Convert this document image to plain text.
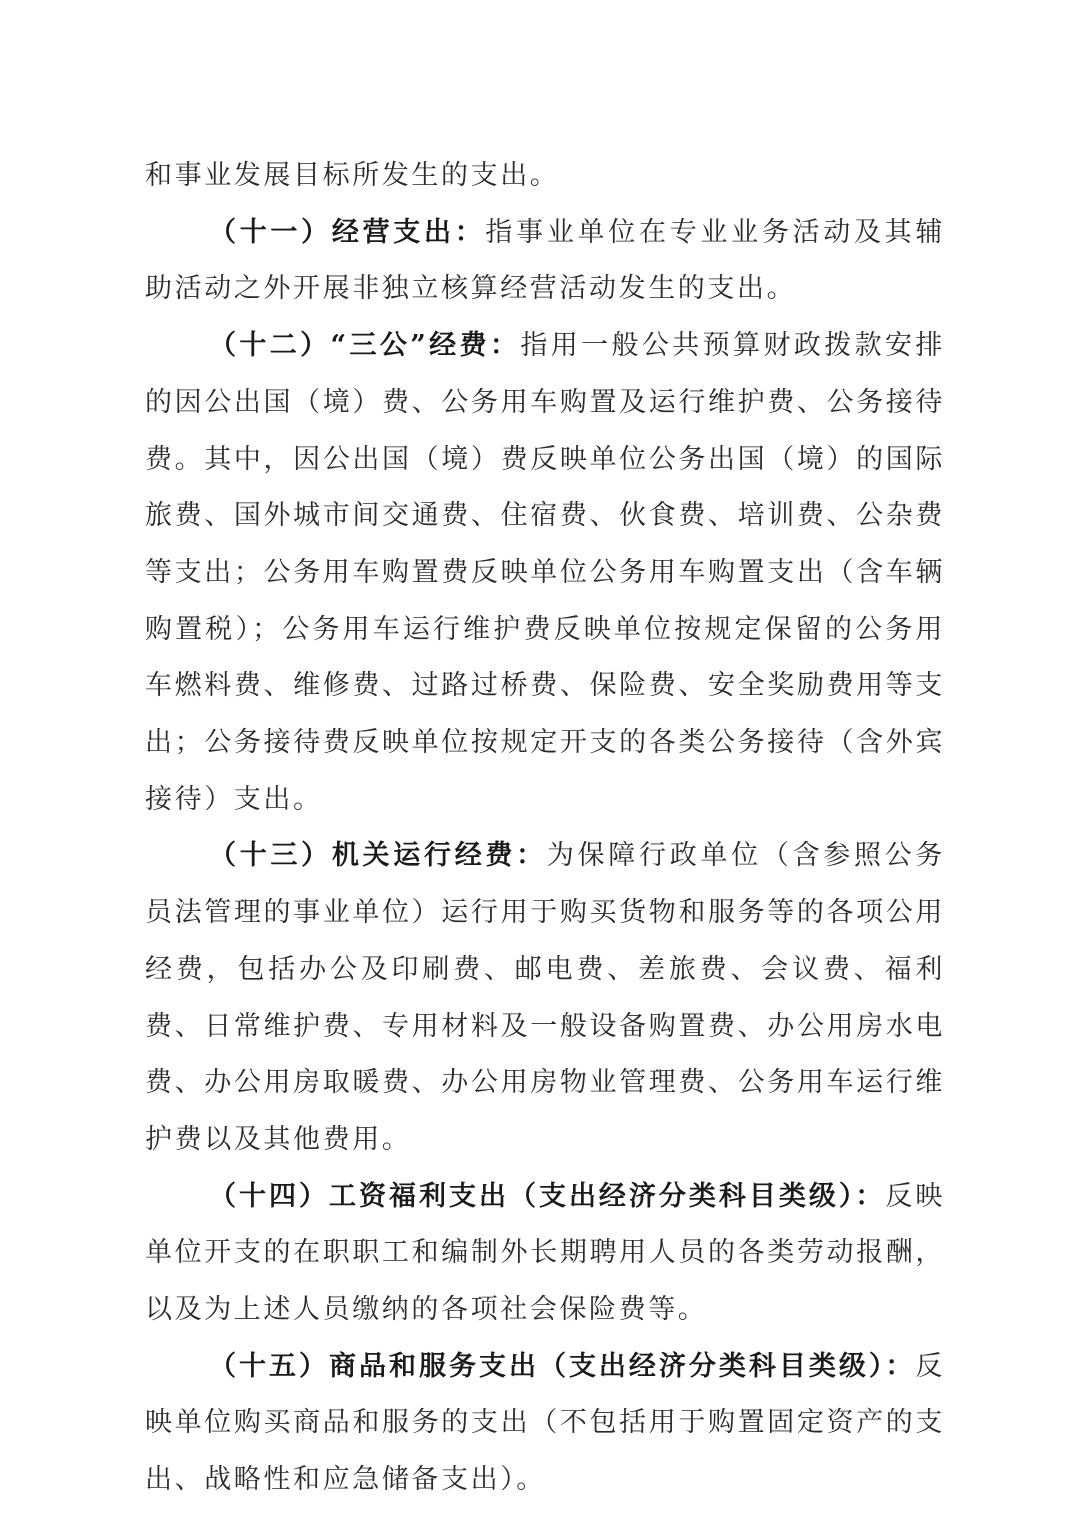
和事业发展目标所发生的支出。

（十一）经营支出：指事业单位在专业业务活动及其辅助活动之外开展非独立核算经营活动发生的支出。

（十二）“三公”经费：指用一般公共预算财政拨款安排的因公出国（境）费、公务用车购置及运行维护费、公务接待费。其中，因公出国（境）费反映单位公务出国（境）的国际旅费、国外城市间交通费、住宿费、伙食费、培训费、公杂费等支出；公务用车购置费反映单位公务用车购置支出（含车辆购置税）；公务用车运行维护费反映单位按规定保留的公务用车燃料费、维修费、过路过桥费、保险费、安全奖励费用等支出；公务接待费反映单位按规定开支的各类公务接待（含外宾接待）支出。

（十三）机关运行经费：为保障行政单位（含参照公务员法管理的事业单位）运行用于购买货物和服务等的各项公用经费，包括办公及印刷费、邮电费、差旅费、会议费、福利费、日常维护费、专用材料及一般设备购置费、办公用房水电费、办公用房取暖费、办公用房物业管理费、公务用车运行维护费以及其他费用。

（十四）工资福利支出（支出经济分类科目类级）：反映单位开支的在职职工和编制外长期聘用人员的各类劳动报酬，以及为上述人员缴纳的各项社会保险费等。

（十五）商品和服务支出（支出经济分类科目类级）：反映单位购买商品和服务的支出（不包括用于购置固定资产的支出、战略性和应急储备支出）。
